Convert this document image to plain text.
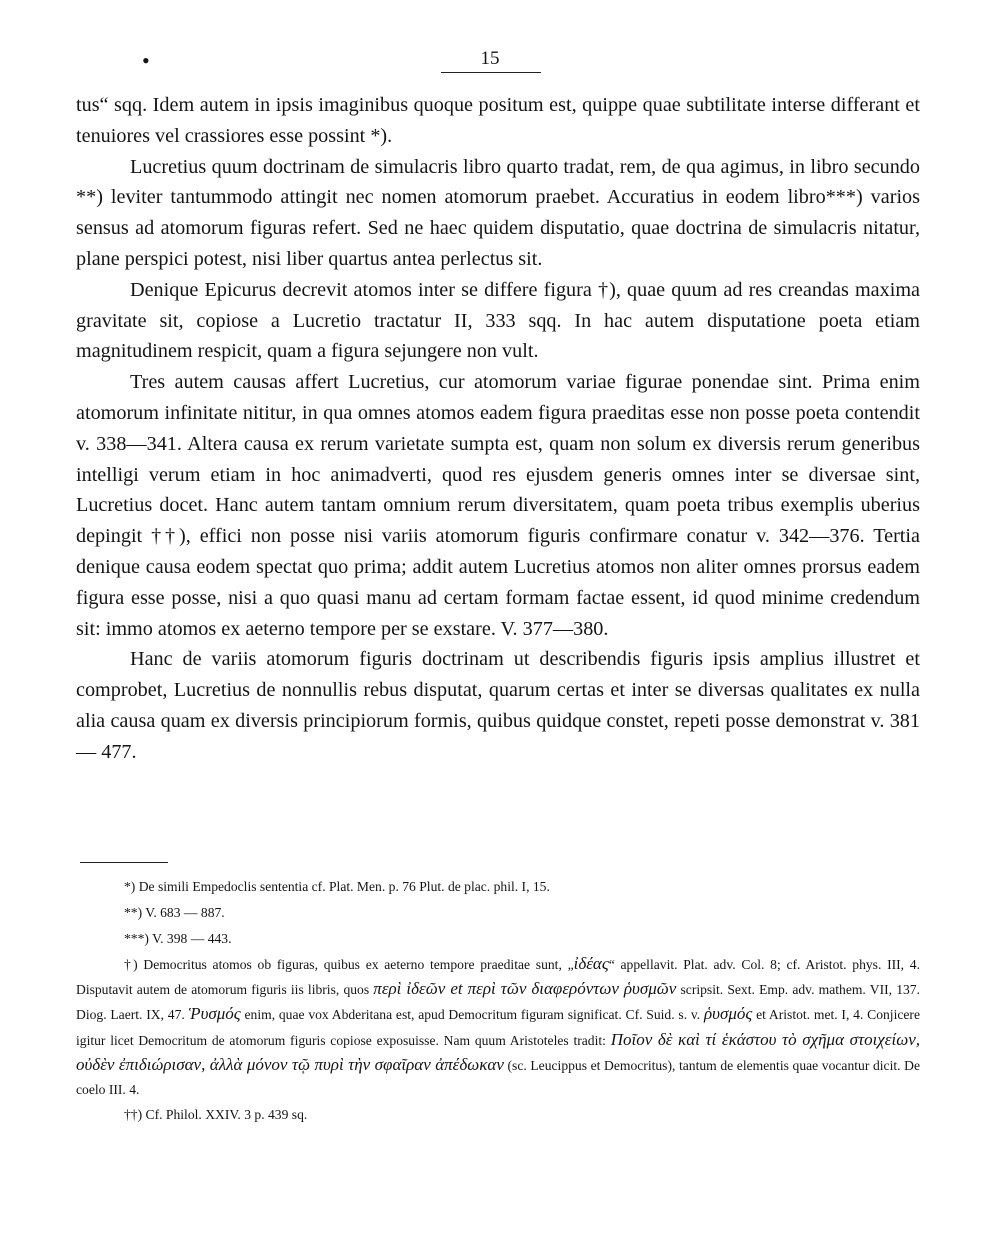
•	15

tus“ sqq. Idem autem in ipsis imaginibus quoque positum est, quippe quae subtilitate interse differant et tenuiores vel crassiores esse possint *).

Lucretius quum doctrinam de simulacris libro quarto tradat, rem, de qua agimus, in libro secundo **) leviter tantummodo attingit nec nomen atomorum praebet. Accuratius in eodem libro***) varios sensus ad atomorum figuras refert. Sed ne haec quidem disputatio, quae doctrina de simulacris nitatur, plane perspici potest, nisi liber quartus antea perlectus sit.

Denique Epicurus decrevit atomos inter se differe figura †), quae quum ad res creandas maxima gravitate sit, copiose a Lucretio tractatur II, 333 sqq. In hac autem disputatione poeta etiam magnitudinem respicit, quam a figura sejungere non vult.

Tres autem causas affert Lucretius, cur atomorum variae figurae ponendae sint. Prima enim atomorum infinitate nititur, in qua omnes atomos eadem figura praeditas esse non posse poeta contendit v. 338—341. Altera causa ex rerum varietate sumpta est, quam non solum ex diversis rerum generibus intelligi verum etiam in hoc animadverti, quod res ejusdem generis omnes inter se diversae sint, Lucretius docet. Hanc autem tantam omnium rerum diversitatem, quam poeta tribus exemplis uberius depingit ††), effici non posse nisi variis atomorum figuris confirmare conatur v. 342—376. Tertia denique causa eodem spectat quo prima; addit autem Lucretius atomos non aliter omnes prorsus eadem figura esse posse, nisi a quo quasi manu ad certam formam factae essent, id quod minime credendum sit: immo atomos ex aeterno tempore per se exstare. V. 377—380.

Hanc de variis atomorum figuris doctrinam ut describendis figuris ipsis amplius illustret et comprobet, Lucretius de nonnullis rebus disputat, quarum certas et inter se diversas qualitates ex nulla alia causa quam ex diversis principiorum formis, quibus quidque constet, repeti posse demonstrat v. 381 — 477.

*) De simili Empedoclis sententia cf. Plat. Men. p. 76 Plut. de plac. phil. I, 15.

**) V. 683 — 887.

***) V. 398 — 443.

†) Democritus atomos ob figuras, quibus ex aeterno tempore praeditae sunt, „ἰδέας“ appellavit. Plat. adv. Col. 8; cf. Aristot. phys. III, 4. Disputavit autem de atomorum figuris iis libris, quos περὶ ἰδεῶν et περὶ τῶν διαφερόντων ῥυσμῶν scripsit. Sext. Emp. adv. mathem. VII, 137. Diog. Laert. IX, 47. Ῥυσμός enim, quae vox Abderitana est, apud Democritum figuram significat. Cf. Suid. s. v. ῥυσμός et Aristot. met. I, 4. Conjicere igitur licet Democritum de atomorum figuris copiose exposuisse. Nam quum Aristoteles tradit: Ποῖον δὲ καὶ τί ἑκάστου τὸ σχῆμα στοιχείων, οὐδὲν ἐπιδιώρισαν, ἀλλὰ μόνον τῷ πυρὶ τὴν σφαῖραν ἀπέδωκαν (sc. Leucippus et Democritus), tantum de elementis quae vocantur dicit. De coelo III. 4.

††) Cf. Philol. XXIV. 3 p. 439 sq.
